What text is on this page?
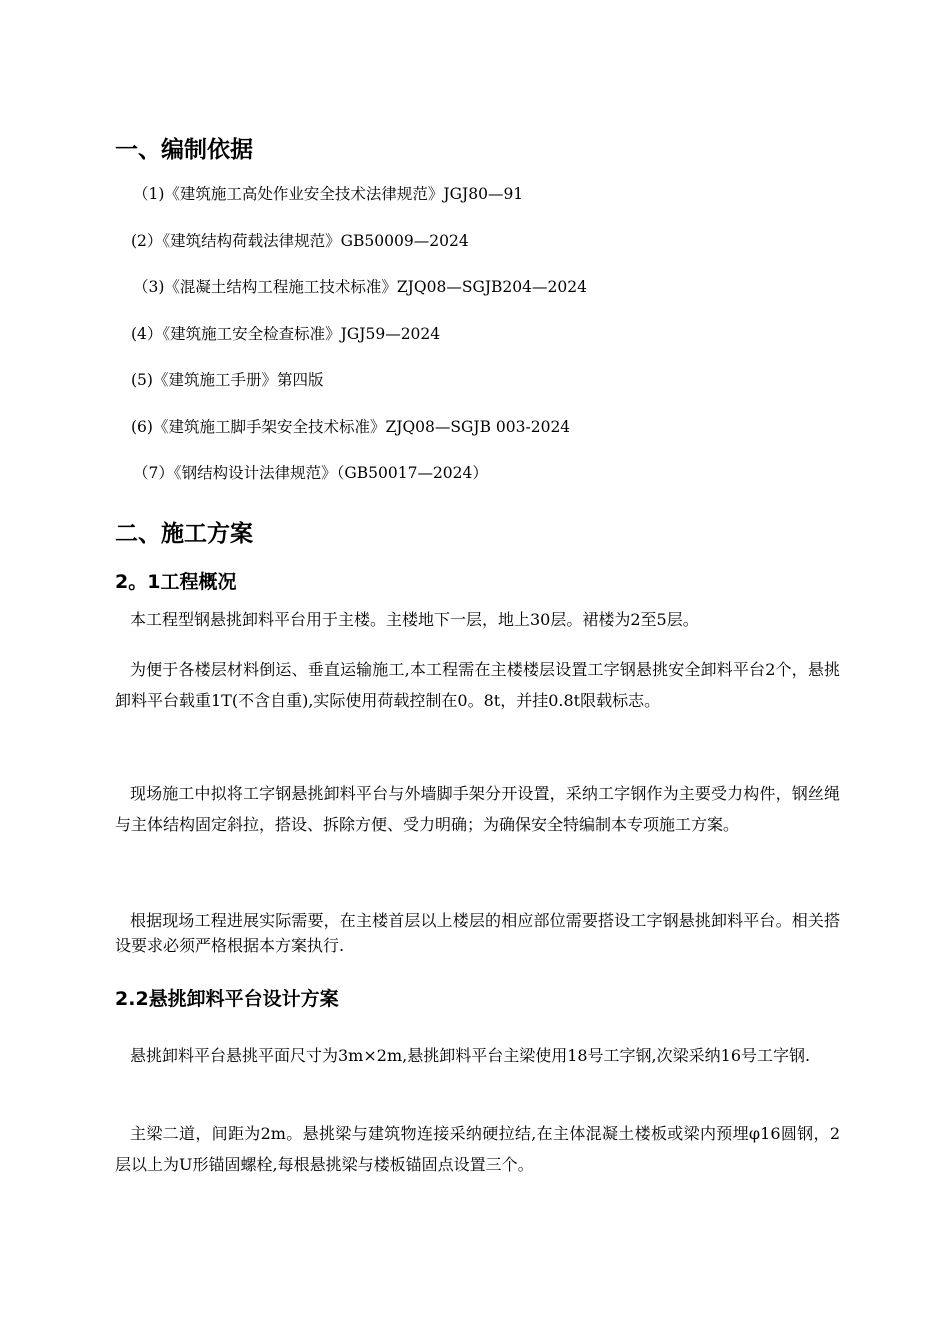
一、编制依据
（1)《建筑施工高处作业安全技术法律规范》JGJ80—91
(2）《建筑结构荷载法律规范》GB50009—2024
（3)《混凝土结构工程施工技术标准》ZJQ08—SGJB204—2024
(4）《建筑施工安全检查标准》JGJ59—2024
(5)《建筑施工手册》第四版
(6)《建筑施工脚手架安全技术标准》ZJQ08—SGJB 003-2024
（7）《钢结构设计法律规范》（GB50017—2024）
二、施工方案
2。1工程概况

本工程型钢悬挑卸料平台用于主楼。主楼地下一层，地上30层。裙楼为2至5层。

为便于各楼层材料倒运、垂直运输施工,本工程需在主楼楼层设置工字钢悬挑安全卸料平台2个，悬挑卸料平台载重1T(不含自重),实际使用荷载控制在0。8t，并挂0.8t限载标志。

现场施工中拟将工字钢悬挑卸料平台与外墙脚手架分开设置，采纳工字钢作为主要受力构件，钢丝绳与主体结构固定斜拉，搭设、拆除方便、受力明确；为确保安全特编制本专项施工方案。

根据现场工程进展实际需要，在主楼首层以上楼层的相应部位需要搭设工字钢悬挑卸料平台。相关搭设要求必须严格根据本方案执行.

2.2悬挑卸料平台设计方案

悬挑卸料平台悬挑平面尺寸为3m×2m,悬挑卸料平台主梁使用18号工字钢,次梁采纳16号工字钢.

主梁二道，间距为2m。悬挑梁与建筑物连接采纳硬拉结,在主体混凝土楼板或梁内预埋φ16圆钢，2层以上为U形锚固螺栓,每根悬挑梁与楼板锚固点设置三个。
